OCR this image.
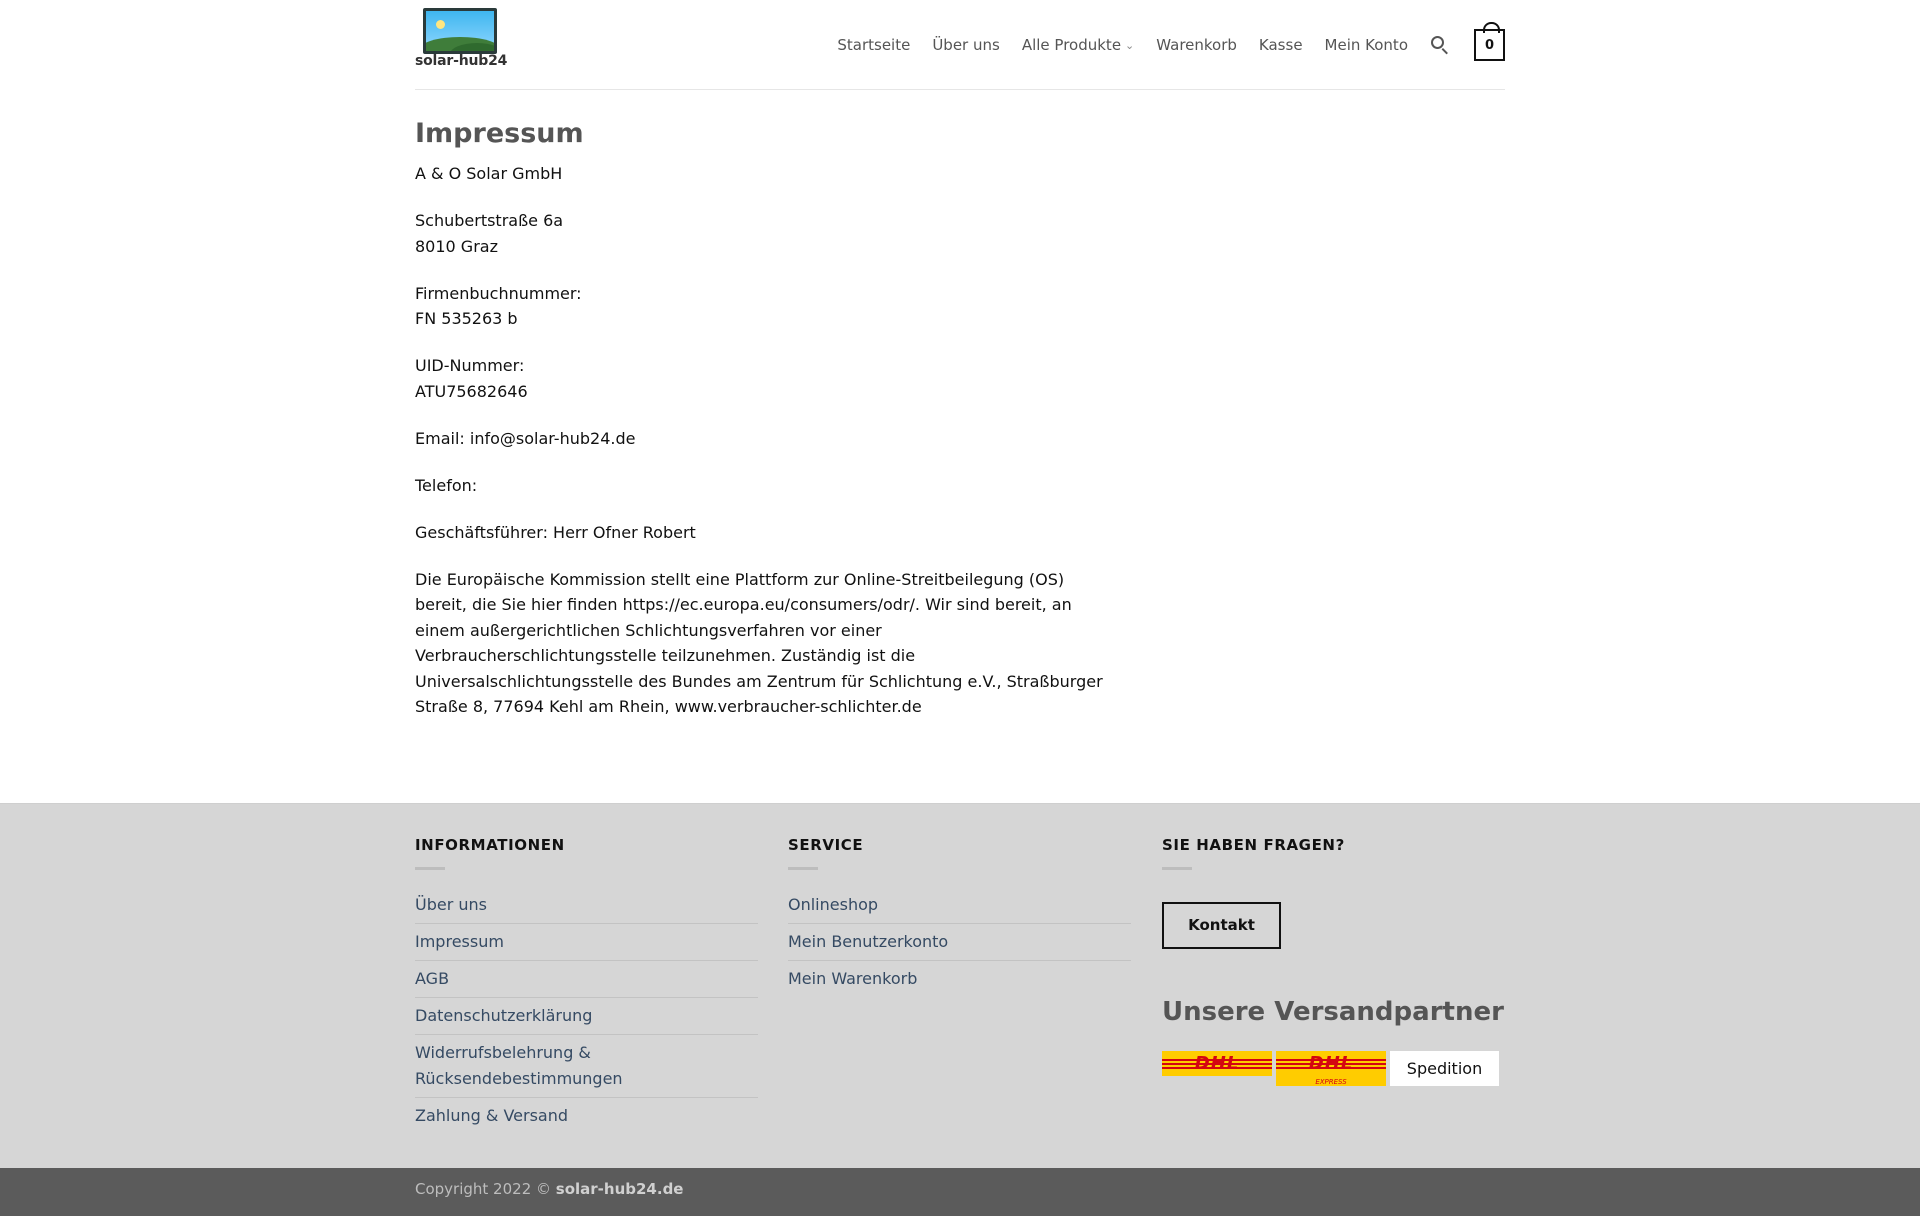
solar-hub24
Startseite Über uns Alle Produkte ⌄ Warenkorb Kasse Mein Konto	0
Impressum

A & O Solar GmbH

Schubertstraße 6a
8010 Graz

Firmenbuchnummer:
FN 535263 b

UID-Nummer:
ATU75682646

Email: info@solar-hub24.de

Telefon:

Geschäftsführer: Herr Ofner Robert

Die Europäische Kommission stellt eine Plattform zur Online-Streitbeilegung (OS) bereit, die Sie hier finden https://ec.europa.eu/consumers/odr/. Wir sind bereit, an einem außergerichtlichen Schlichtungsverfahren vor einer Verbraucherschlichtungsstelle teilzunehmen. Zuständig ist die Universalschlichtungsstelle des Bundes am Zentrum für Schlichtung e.V., Straßburger Straße 8, 77694 Kehl am Rhein, www.verbraucher-schlichter.de

INFORMATIONEN
Über uns
Impressum
AGB
Datenschutzerklärung
Widerrufsbelehrung & Rücksendebestimmungen
Zahlung & Versand
SERVICE
Onlineshop
Mein Benutzerkonto
Mein Warenkorb
SIE HABEN FRAGEN?
Kontakt
Unsere Versandpartner
DHL	DHL
EXPRESS
Spedition
Copyright 2022 © solar-hub24.de
